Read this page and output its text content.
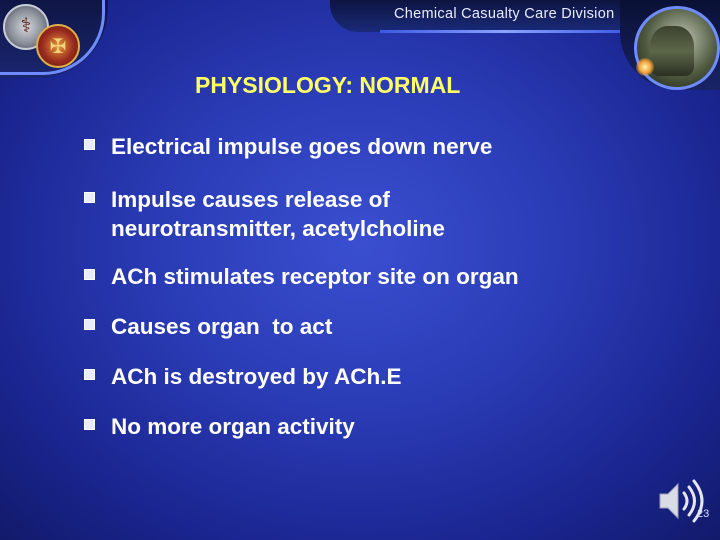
⚕
✠
Chemical Casualty Care Division
PHYSIOLOGY: NORMAL
Electrical impulse goes down nerve
Impulse causes release of neurotransmitter, acetylcholine
ACh stimulates receptor site on organ
Causes organ  to act
ACh is destroyed by ACh.E
No more organ activity
23
